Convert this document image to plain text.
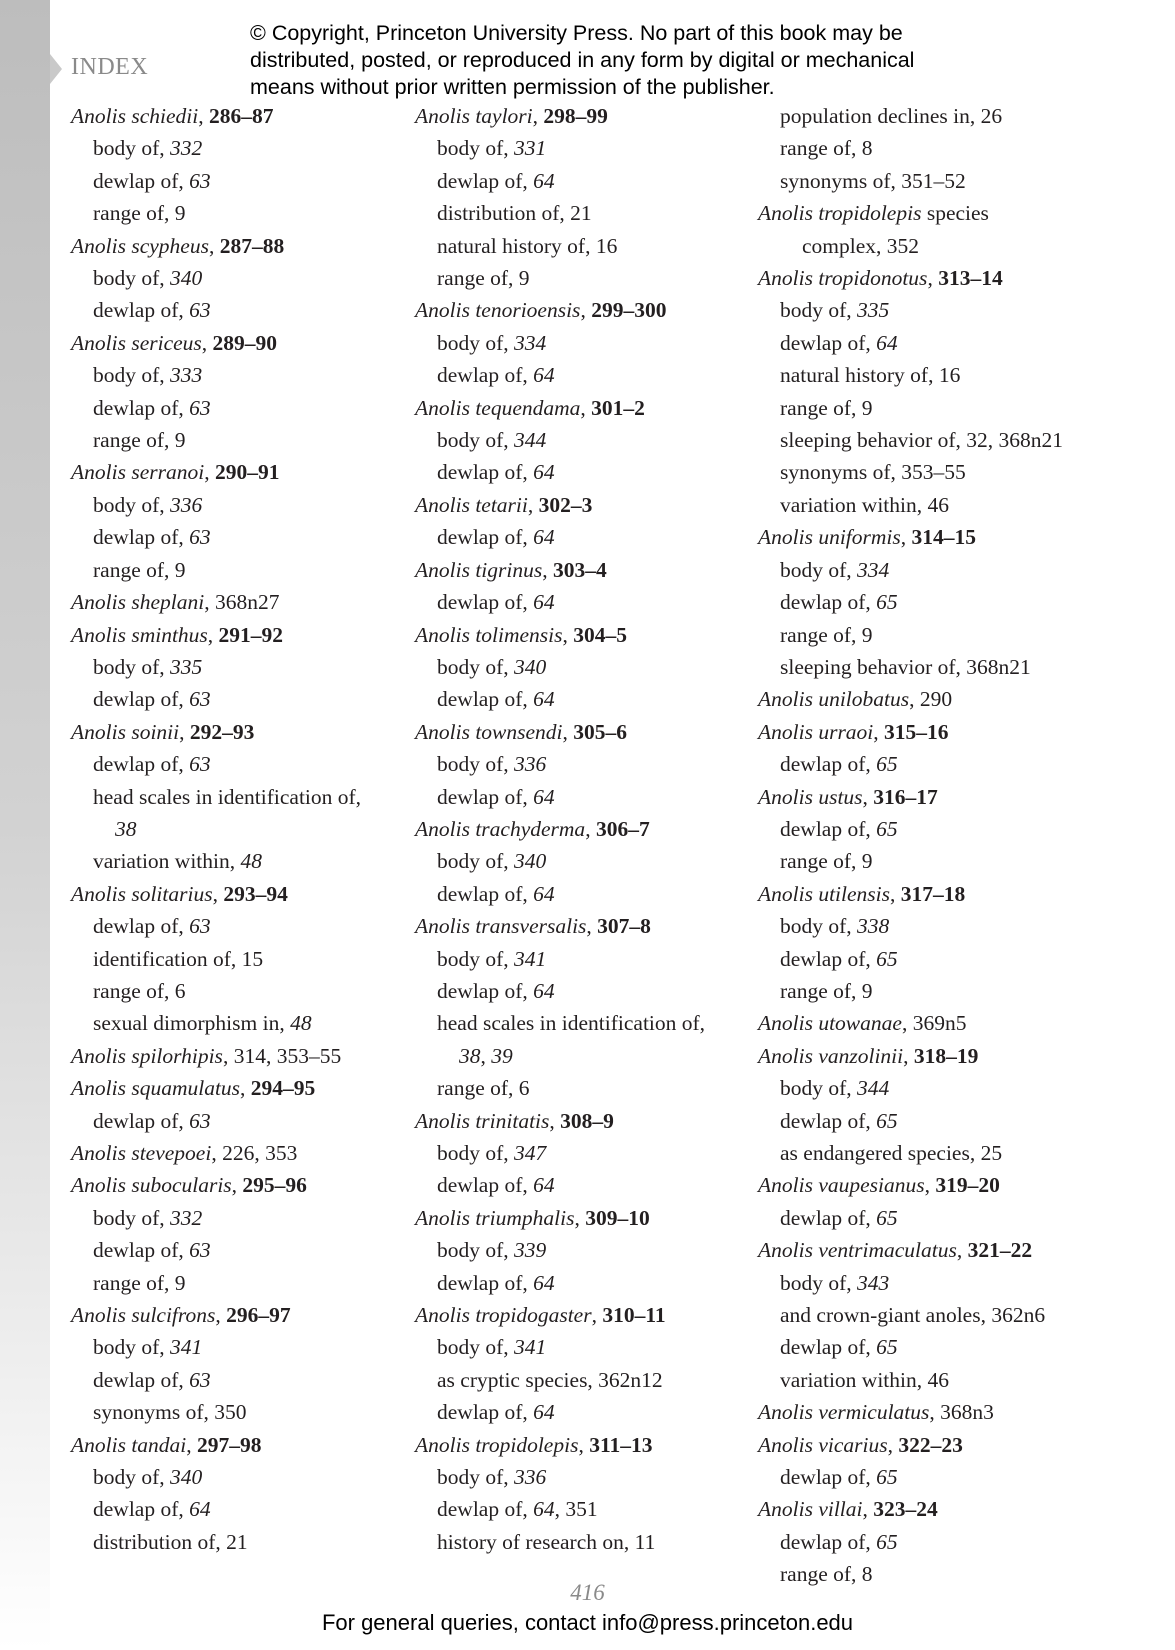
INDEX
© Copyright, Princeton University Press. No part of this book may be
distributed, posted, or reproduced in any form by digital or mechanical
means without prior written permission of the publisher.
Anolis schiedii, 286–87
body of, 332
dewlap of, 63
range of, 9
Anolis scypheus, 287–88
body of, 340
dewlap of, 63
Anolis sericeus, 289–90
body of, 333
dewlap of, 63
range of, 9
Anolis serranoi, 290–91
body of, 336
dewlap of, 63
range of, 9
Anolis sheplani, 368n27
Anolis sminthus, 291–92
body of, 335
dewlap of, 63
Anolis soinii, 292–93
dewlap of, 63
head scales in identification of,
38
variation within, 48
Anolis solitarius, 293–94
dewlap of, 63
identification of, 15
range of, 6
sexual dimorphism in, 48
Anolis spilorhipis, 314, 353–55
Anolis squamulatus, 294–95
dewlap of, 63
Anolis stevepoei, 226, 353
Anolis subocularis, 295–96
body of, 332
dewlap of, 63
range of, 9
Anolis sulcifrons, 296–97
body of, 341
dewlap of, 63
synonyms of, 350
Anolis tandai, 297–98
body of, 340
dewlap of, 64
distribution of, 21
Anolis taylori, 298–99
body of, 331
dewlap of, 64
distribution of, 21
natural history of, 16
range of, 9
Anolis tenorioensis, 299–300
body of, 334
dewlap of, 64
Anolis tequendama, 301–2
body of, 344
dewlap of, 64
Anolis tetarii, 302–3
dewlap of, 64
Anolis tigrinus, 303–4
dewlap of, 64
Anolis tolimensis, 304–5
body of, 340
dewlap of, 64
Anolis townsendi, 305–6
body of, 336
dewlap of, 64
Anolis trachyderma, 306–7
body of, 340
dewlap of, 64
Anolis transversalis, 307–8
body of, 341
dewlap of, 64
head scales in identification of,
38, 39
range of, 6
Anolis trinitatis, 308–9
body of, 347
dewlap of, 64
Anolis triumphalis, 309–10
body of, 339
dewlap of, 64
Anolis tropidogaster, 310–11
body of, 341
as cryptic species, 362n12
dewlap of, 64
Anolis tropidolepis, 311–13
body of, 336
dewlap of, 64, 351
history of research on, 11
population declines in, 26
range of, 8
synonyms of, 351–52
Anolis tropidolepis species
complex, 352
Anolis tropidonotus, 313–14
body of, 335
dewlap of, 64
natural history of, 16
range of, 9
sleeping behavior of, 32, 368n21
synonyms of, 353–55
variation within, 46
Anolis uniformis, 314–15
body of, 334
dewlap of, 65
range of, 9
sleeping behavior of, 368n21
Anolis unilobatus, 290
Anolis urraoi, 315–16
dewlap of, 65
Anolis ustus, 316–17
dewlap of, 65
range of, 9
Anolis utilensis, 317–18
body of, 338
dewlap of, 65
range of, 9
Anolis utowanae, 369n5
Anolis vanzolinii, 318–19
body of, 344
dewlap of, 65
as endangered species, 25
Anolis vaupesianus, 319–20
dewlap of, 65
Anolis ventrimaculatus, 321–22
body of, 343
and crown-giant anoles, 362n6
dewlap of, 65
variation within, 46
Anolis vermiculatus, 368n3
Anolis vicarius, 322–23
dewlap of, 65
Anolis villai, 323–24
dewlap of, 65
range of, 8
416
For general queries, contact info@press.princeton.edu
